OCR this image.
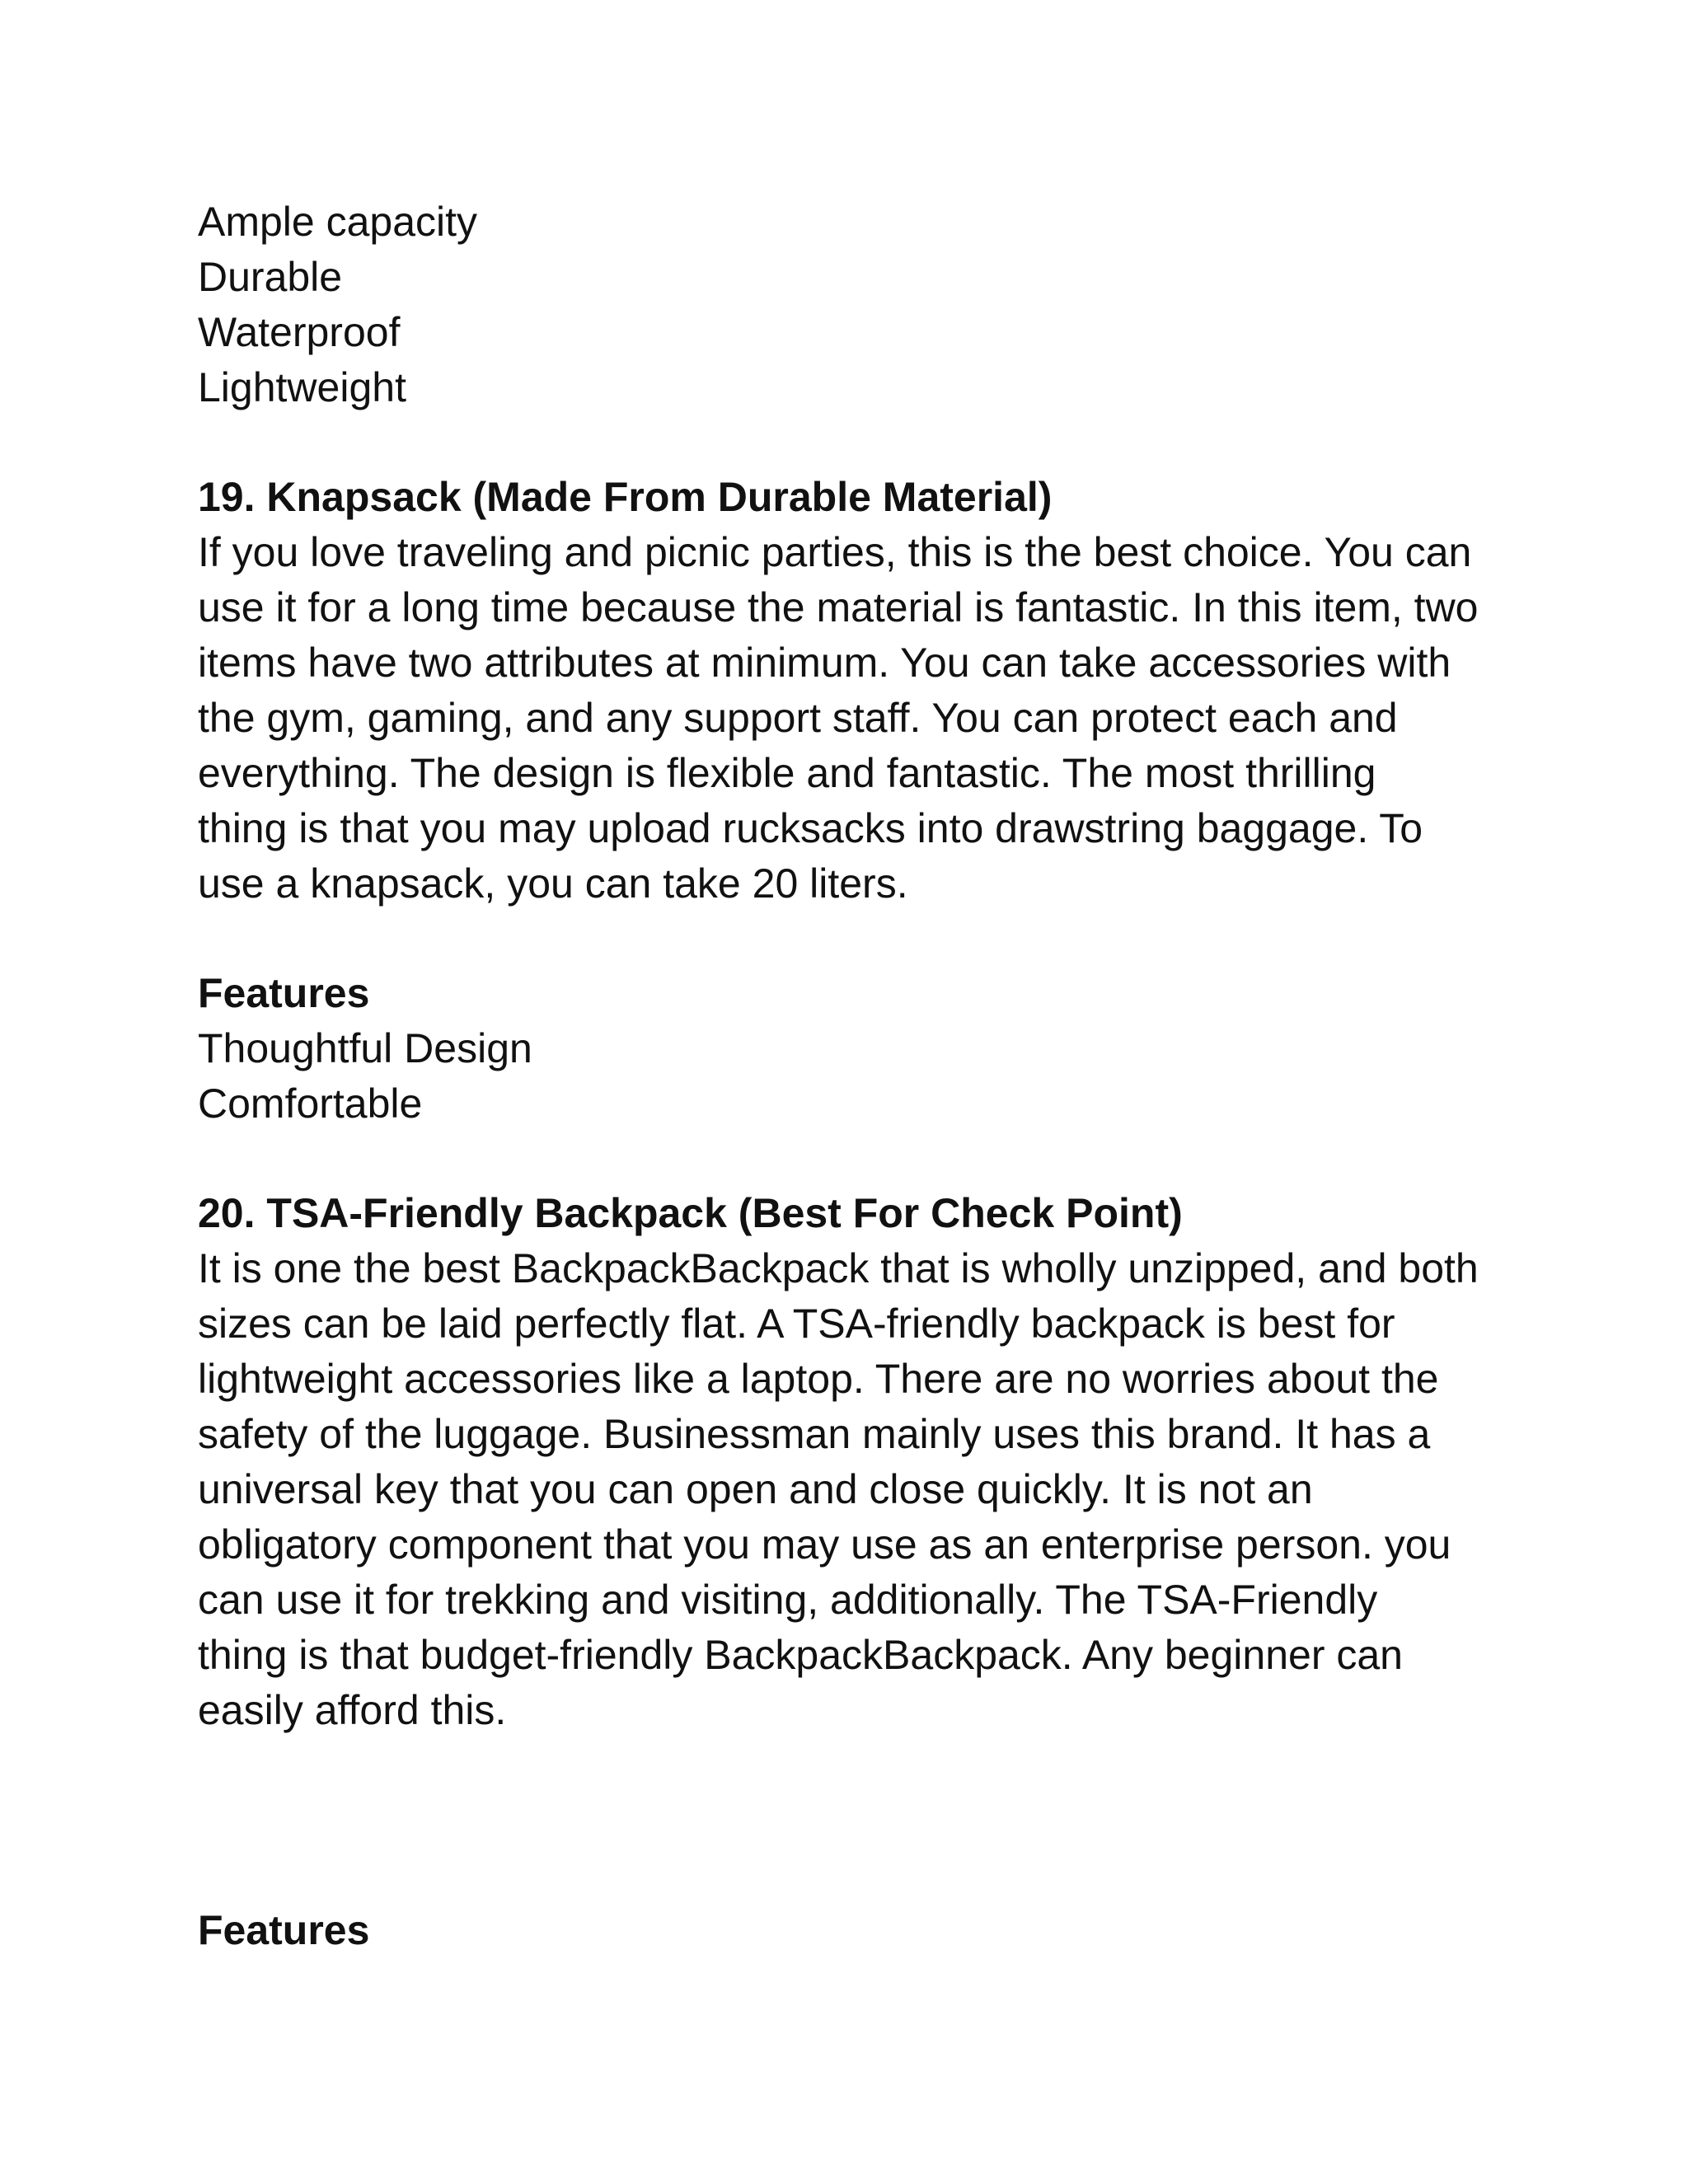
Ample capacity
Durable
Waterproof
Lightweight
19. Knapsack (Made From Durable Material)
If you love traveling and picnic parties, this is the best choice. You can
use it for a long time because the material is fantastic. In this item, two
items have two attributes at minimum. You can take accessories with
the gym, gaming, and any support staff. You can protect each and
everything. The design is flexible and fantastic. The most thrilling
thing is that you may upload rucksacks into drawstring baggage. To
use a knapsack, you can take 20 liters.
Features
Thoughtful Design
Comfortable
20. TSA-Friendly Backpack (Best For Check Point)
It is one the best BackpackBackpack that is wholly unzipped, and both
sizes can be laid perfectly flat. A TSA-friendly backpack is best for
lightweight accessories like a laptop. There are no worries about the
safety of the luggage. Businessman mainly uses this brand. It has a
universal key that you can open and close quickly. It is not an
obligatory component that you may use as an enterprise person. you
can use it for trekking and visiting, additionally. The TSA-Friendly
thing is that budget-friendly BackpackBackpack. Any beginner can
easily afford this.
Features
